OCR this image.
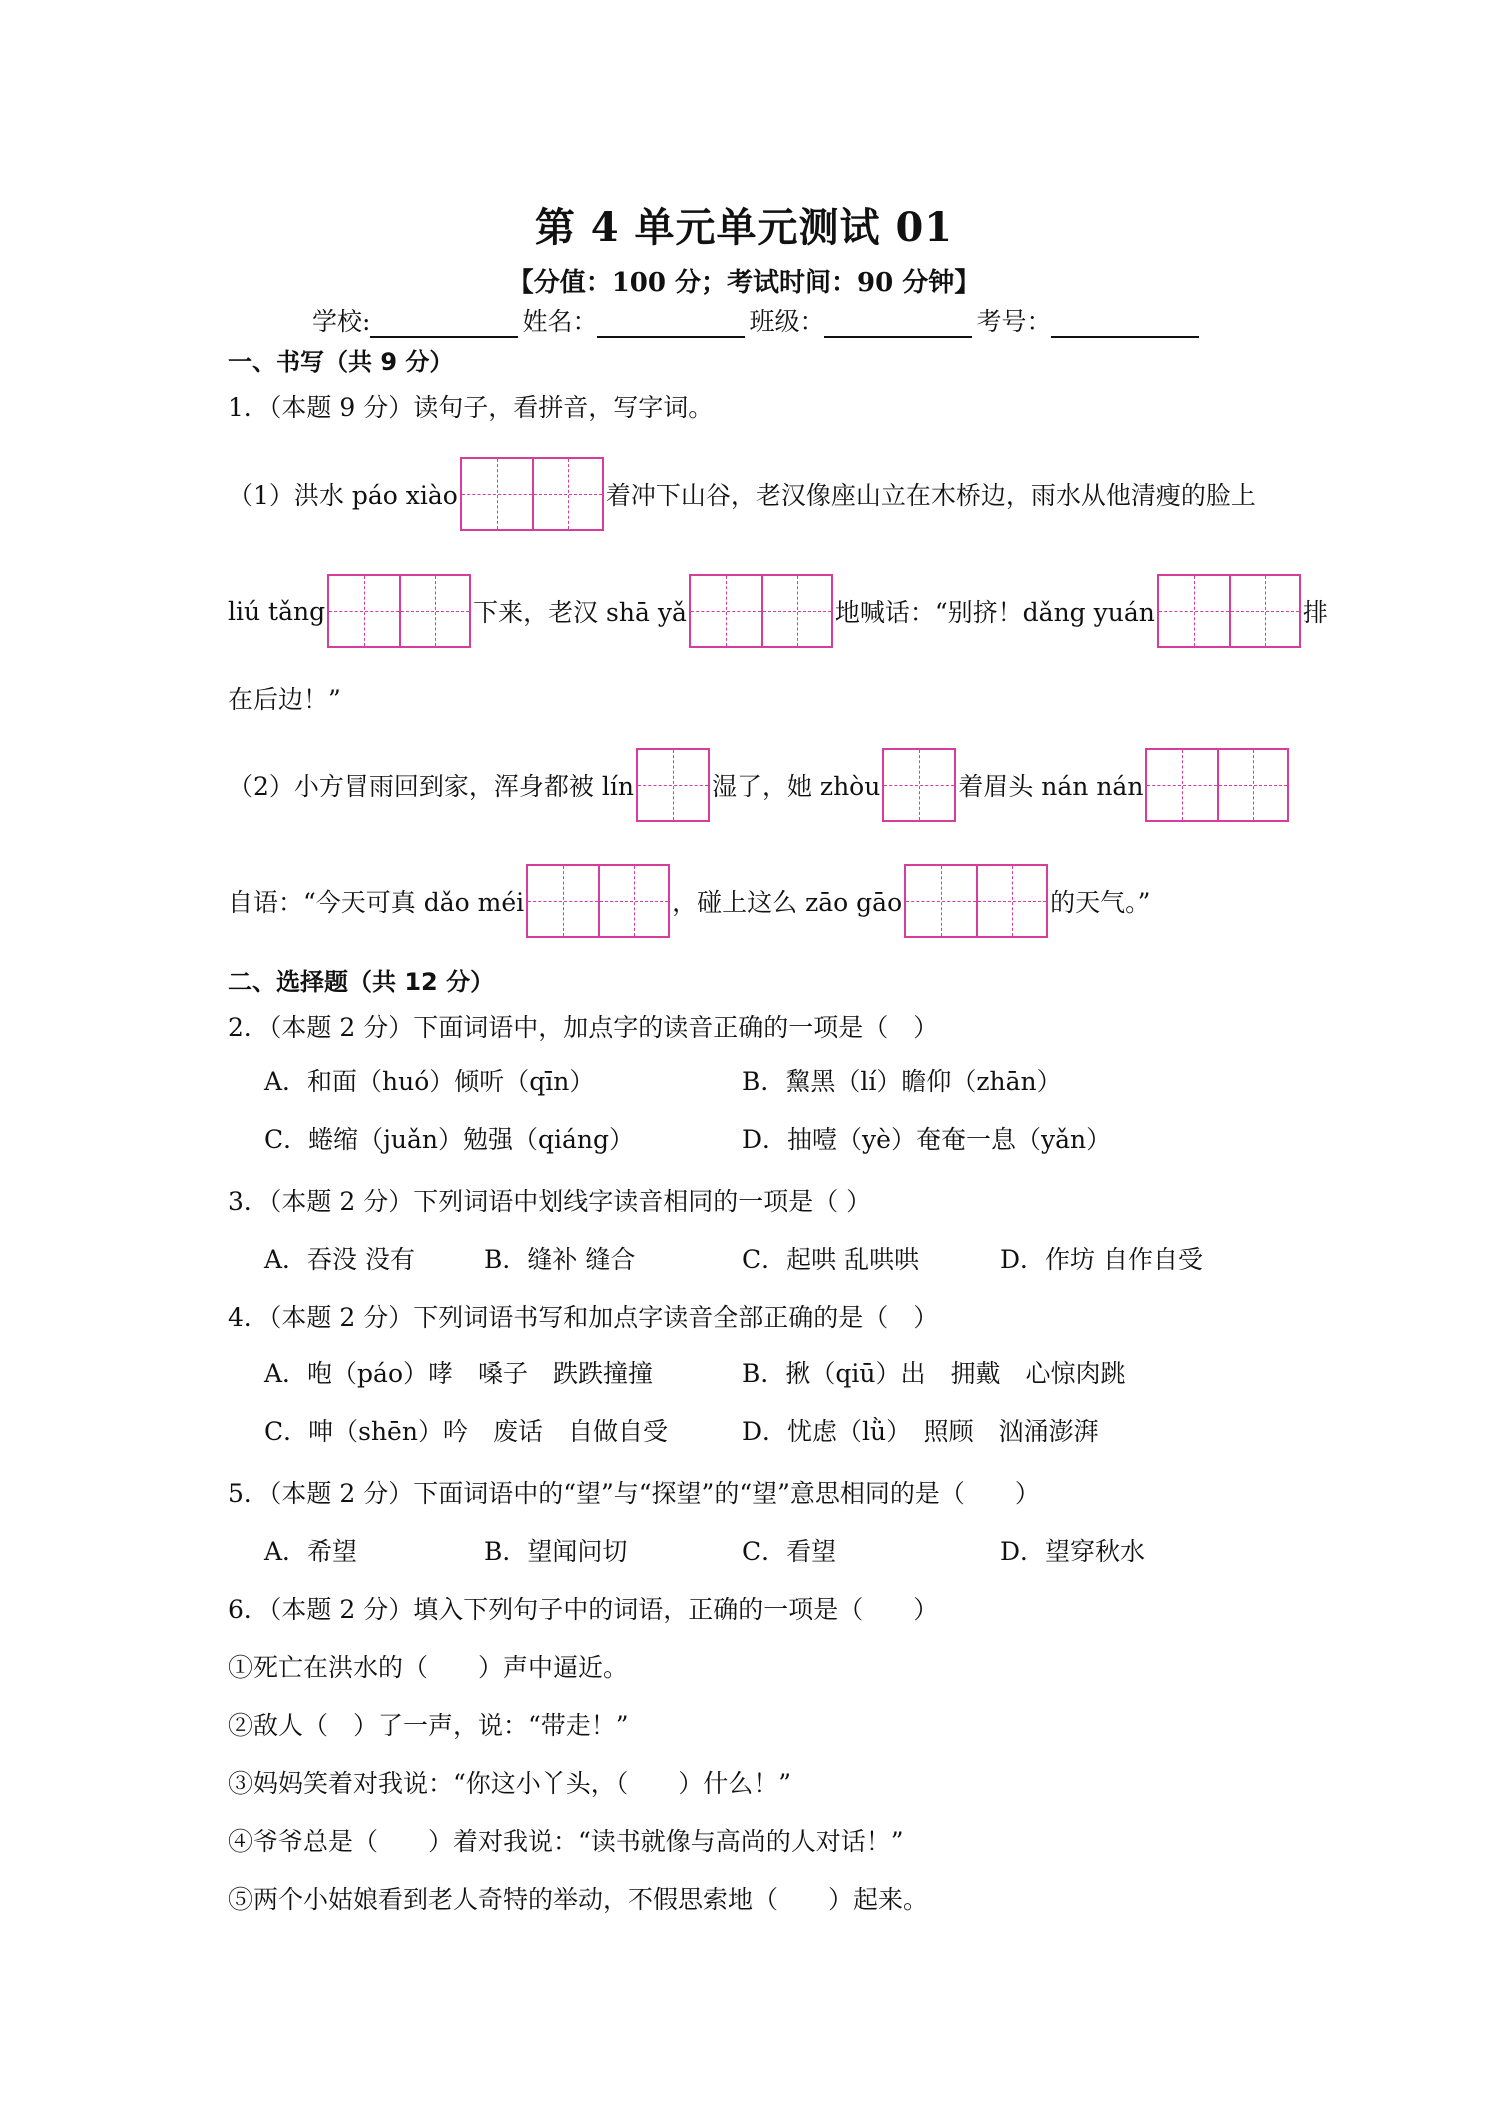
第 4 单元单元测试 01
【分值：100 分；考试时间：90 分钟】
学校:	姓名：	班级：	考号：
一、书写（共 9 分）
1．（本题 9 分）读句子，看拼音，写字词。
（1）洪水 páo xiào	着冲下山谷，老汉像座山立在木桥边，雨水从他清瘦的脸上
liú tǎng	下来，老汉 shā yǎ	地喊话：“别挤！dǎng yuán	排
在后边！”
（2）小方冒雨回到家，浑身都被 lín	湿了，她 zhòu	着眉头 nán nán
自语：“今天可真 dǎo méi	，碰上这么 zāo gāo	的天气。”
二、选择题（共 12 分）
2．（本题 2 分）下面词语中，加点字的读音正确的一项是（　）
A．和面（huó）倾听（qīn）	B．黧黑（lí）瞻仰（zhān）
C．蜷缩（juǎn）勉强（qiáng）	D．抽噎（yè）奄奄一息（yǎn）
3．（本题 2 分）下列词语中划线字读音相同的一项是（ ）
A．吞没 没有	B．缝补 缝合	C．起哄 乱哄哄	D．作坊 自作自受
4．（本题 2 分）下列词语书写和加点字读音全部正确的是（　）
A．咆（páo）哮　嗓子　跌跌撞撞	B．揪（qiū）出　拥戴　心惊肉跳
C．呻（shēn）吟　废话　自做自受	D．忧虑（lǜ）　照顾　汹涌澎湃
5．（本题 2 分）下面词语中的“望”与“探望”的“望”意思相同的是（　　）
A．希望	B．望闻问切	C．看望	D．望穿秋水
6．（本题 2 分）填入下列句子中的词语，正确的一项是（　　）
①死亡在洪水的（　　）声中逼近。
②敌人（　）了一声，说：“带走！”
③妈妈笑着对我说：“你这小丫头，（　　）什么！”
④爷爷总是（　　）着对我说：“读书就像与高尚的人对话！”
⑤两个小姑娘看到老人奇特的举动，不假思索地（　　）起来。
